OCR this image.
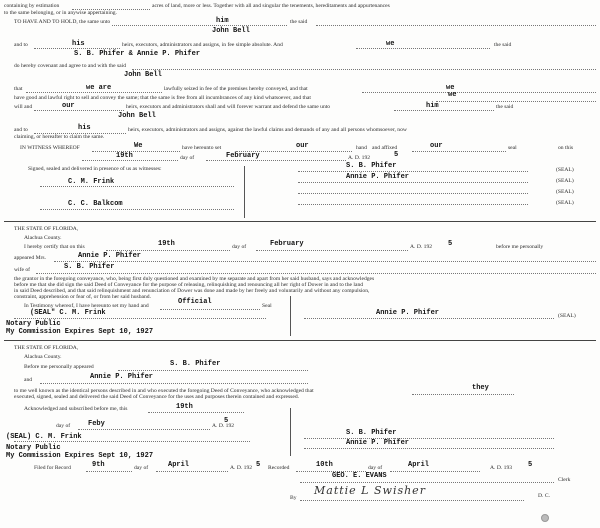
containing by estimation	acres of land, more or less. Together with all and singular the tenements, hereditaments and appurtenances
to the same belonging, or in anywise appertaining.
TO HAVE AND TO HOLD, the same unto	him	the said
John Bell
and to	his	heirs, executors, administrators and assigns, in fee simple absolute. And	we	the said
S. B. Phifer & Annie P. Phifer
do hereby covenant and agree to and with the said
John Bell
that	we are	lawfully seized in fee of the premises hereby conveyed, and that	we
have good and lawful right to sell and convey the same; that the same is free from all incumbrances of any kind whatsoever, and that	we
will and	our	heirs, executors and administrators shall and will forever warrant and defend the same unto	him	the said
John Bell
and to	his	heirs, executors, administrators and assigns, against the lawful claims and demands of any and all persons whomsoever, now
claiming, or hereafter to claim the same.
IN WITNESS WHEREOF	We	have hereunto set	our	hand and affixed	our	seal	on this
19th	day of	February	A. D. 192	5
Signed, sealed and delivered in presence of us as witnesses:
C. M. Frink
C. C. Balkcom
S. B. Phifer	(SEAL)
Annie P. Phifer	(SEAL)
(SEAL)
(SEAL)
THE STATE OF FLORIDA,
Alachua County.
I hereby certify that on this	19th	day of	February	A. D. 192 5	before me personally
appeared Mrs.	Annie P. Phifer
wife of	S. B. Phifer
the grantor in the foregoing conveyance, who, being first duly questioned and examined by me separate and apart from her said husband, says and acknowledges
before me that she did sign the said Deed of Conveyance for the purpose of releasing, relinquishing and renouncing all her right of Dower in and to the land
in said Deed described, and that said relinquishment and renunciation of Dower was done and made by her freely and voluntarily and without any compulsion,
constraint, apprehension or fear of, or from her said husband.
In Testimony whereof, I have hereunto set my hand and	Official	Seal
(SEAL" C. M. Frink
Notary Public
My Commission Expires Sept 10, 1927
Annie P. Phifer	(SEAL)
THE STATE OF FLORIDA,
Alachua County.
Before me personally appeared	S. B. Phifer
and	Annie P. Phifer
to me well known as the identical persons described in and who executed the foregoing Deed of Conveyance, who acknowledged that	they
executed, signed, sealed and delivered the said Deed of Conveyance for the uses and purposes therein contained and expressed.
Acknowledged and subscribed before me, this	19th
day of	Feby	A. D. 192
5
(SEAL) C. M. Frink
Notary Public
My Commission Expires Sept 10, 1927
S. B. Phifer
Annie P. Phifer
Filed for Record	9th	day of	April	A. D. 192 5 Recorded	10th	day of	April	A. D. 193 5
GEO. E. EVANS	Clerk
By
Mattie L Swisher	D. C.
